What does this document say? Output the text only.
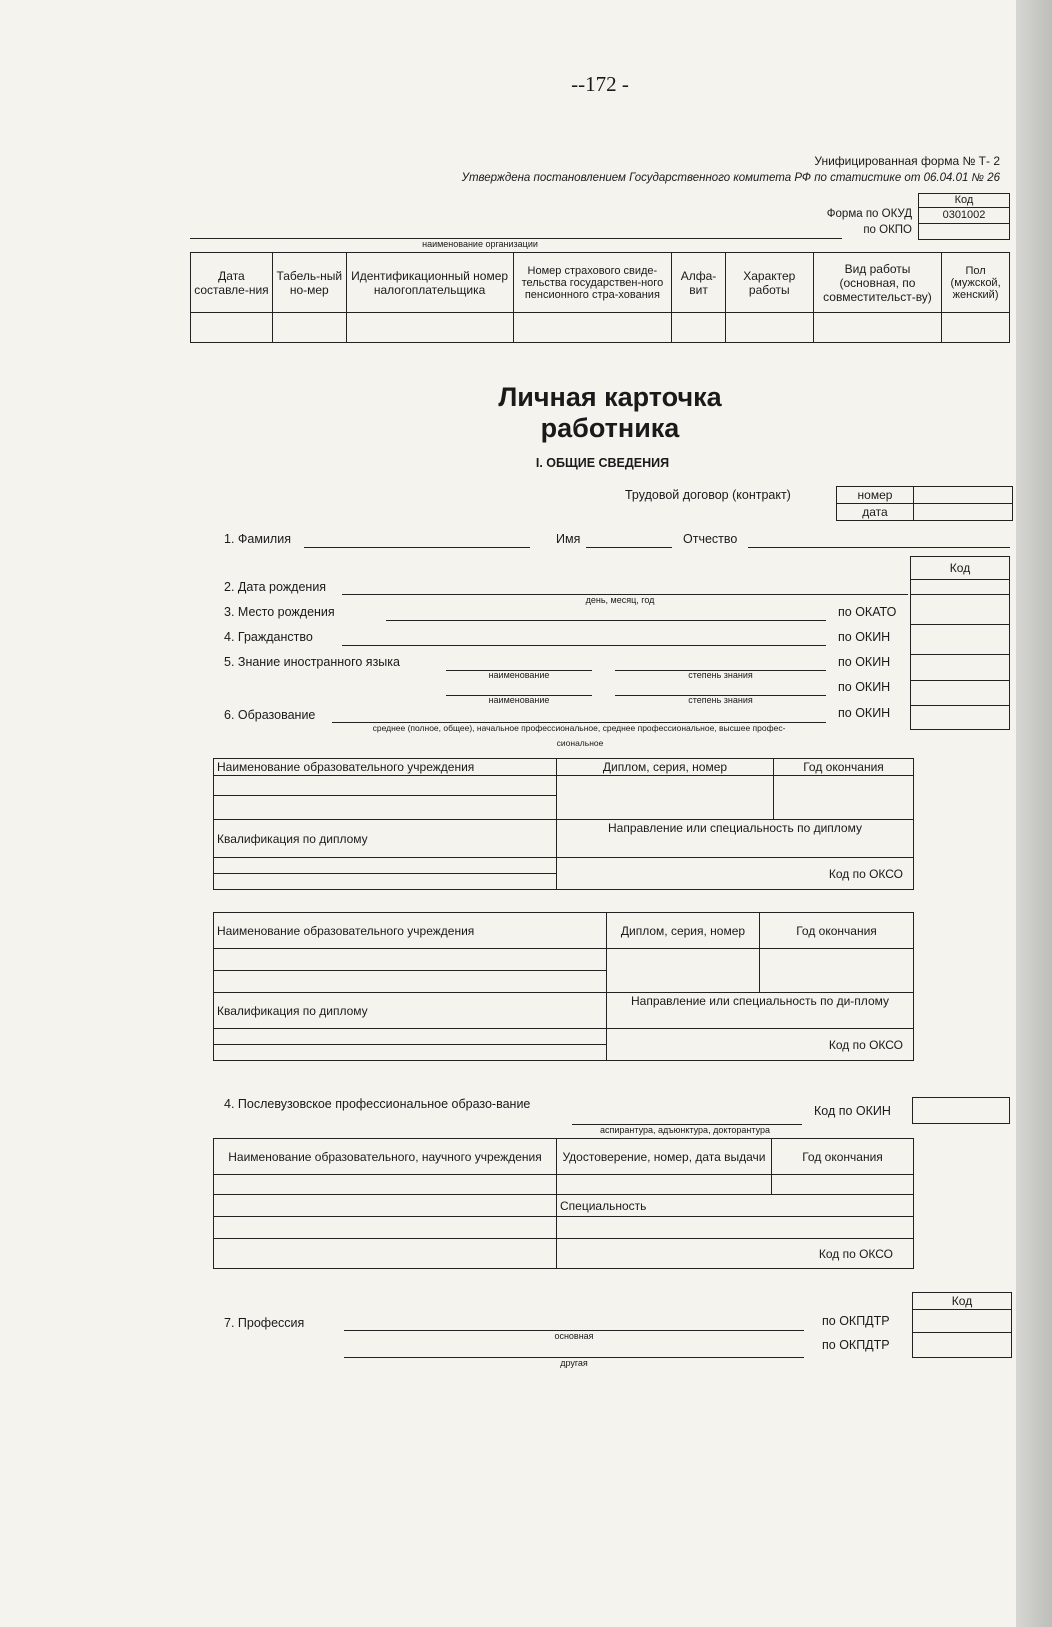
--172 -
Унифицированная форма № Т- 2
Утверждена постановлением Государственного комитета РФ по статистике от 06.04.01 № 26
Код
0301002
Форма по ОКУД
по ОКПО
наименование организации
Дата составле-ния	Табель-ный но-мер	Идентификационный номер налогоплательщика	Номер страхового свиде-тельства государствен-ного пенсионного стра-хования	Алфа-вит	Характер работы	Вид работы (основная, по совместительст-ву)	Пол (мужской, женский)

Личная карточка
работника
I. ОБЩИЕ СВЕДЕНИЯ
Трудовой договор (контракт)	номер
дата
1. Фамилия	Имя	Отчество
Код
2. Дата рождения
день, месяц, год
3. Место рождения	по ОКАТО
4. Гражданство	по ОКИН
5. Знание иностранного языка
наименование	степень знания
по ОКИН
наименование	степень знания
по ОКИН
6. Образование	по ОКИН
среднее (полное, общее), начальное профессиональное, среднее профессиональное, высшее профес-
сиональное
Наименование образовательного учреждения	Диплом, серия, номер	Год окончания

Квалификация по диплому	Направление или специальность по диплому	
	Код по ОКСО	

Наименование образовательного учреждения	Диплом, серия, номер	Год окончания

Квалификация по диплому	Направление или специальность по ди-плому	
	Код по ОКСО	

4. Послевузовское профессиональное образо-вание
аспирантура, адъюнктура, докторантура
Код по ОКИН
Наименование образовательного, научного учреждения	Удостоверение, номер, дата выдачи	Год окончания

	Специальность	

	Код по ОКСО	
Код
7. Профессия
основная
по ОКПДТР
другая
по ОКПДТР
